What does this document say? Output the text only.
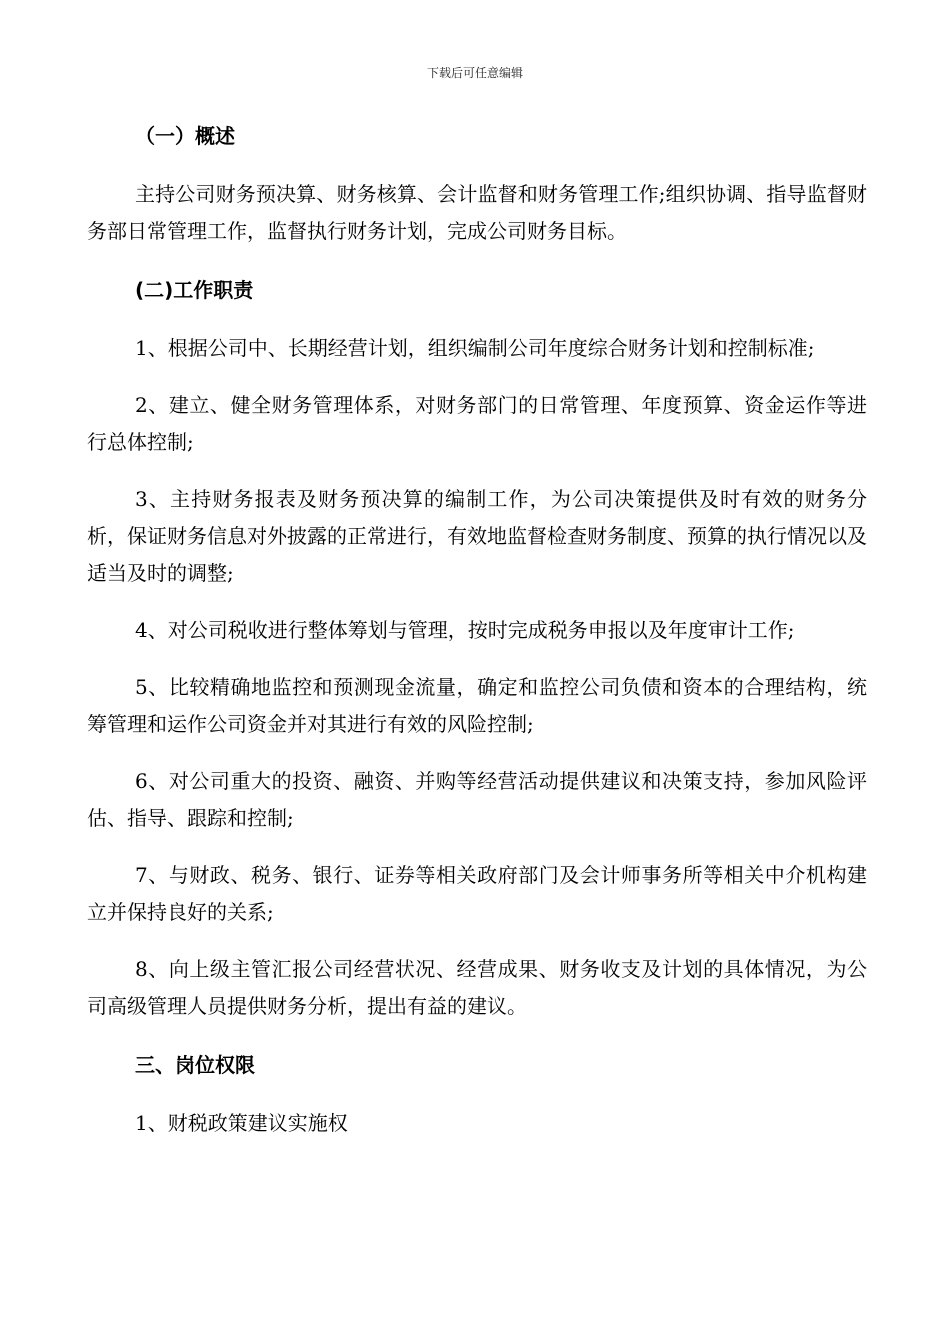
下载后可任意编辑

（一）概述

主持公司财务预决算、财务核算、会计监督和财务管理工作;组织协调、指导监督财务部日常管理工作，监督执行财务计划，完成公司财务目标。

(二)工作职责

1、根据公司中、长期经营计划，组织编制公司年度综合财务计划和控制标准;

2、建立、健全财务管理体系，对财务部门的日常管理、年度预算、资金运作等进行总体控制;

3、主持财务报表及财务预决算的编制工作，为公司决策提供及时有效的财务分析，保证财务信息对外披露的正常进行，有效地监督检查财务制度、预算的执行情况以及适当及时的调整;

4、对公司税收进行整体筹划与管理，按时完成税务申报以及年度审计工作;

5、比较精确地监控和预测现金流量，确定和监控公司负债和资本的合理结构，统筹管理和运作公司资金并对其进行有效的风险控制;

6、对公司重大的投资、融资、并购等经营活动提供建议和决策支持，参加风险评估、指导、跟踪和控制;

7、与财政、税务、银行、证券等相关政府部门及会计师事务所等相关中介机构建立并保持良好的关系;

8、向上级主管汇报公司经营状况、经营成果、财务收支及计划的具体情况，为公司高级管理人员提供财务分析，提出有益的建议。

三、岗位权限

1、财税政策建议实施权
